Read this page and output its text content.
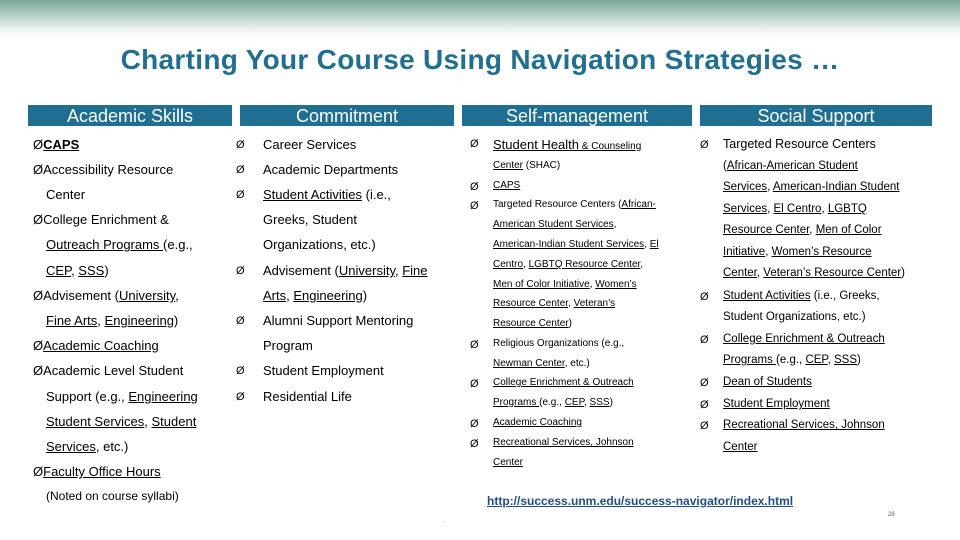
Charting Your Course Using Navigation Strategies …
Academic Skills	Commitment	Self-management	Social Support
ØCAPS
ØAccessibility Resource
Center
ØCollege Enrichment &
Outreach Programs (e.g.,
CEP, SSS)
ØAdvisement (University,
Fine Arts, Engineering)
ØAcademic Coaching
ØAcademic Level Student
Support (e.g., Engineering
Student Services, Student
Services, etc.)
ØFaculty Office Hours
(Noted on course syllabi)
Ø Career Services
Ø Academic Departments
Ø Student Activities (i.e.,
Greeks, Student
Organizations, etc.)
Ø Advisement (University, Fine
Arts, Engineering)
Ø Alumni Support Mentoring
Program
Ø Student Employment
Ø Residential Life
Ø Student Health & Counseling
Center (SHAC)
Ø CAPS
Ø Targeted Resource Centers (African-
American Student Services,
American-Indian Student Services, El
Centro, LGBTQ Resource Center,
Men of Color Initiative, Women’s
Resource Center, Veteran’s
Resource Center)
Ø Religious Organizations (e.g.,
Newman Center, etc.)
Ø College Enrichment & Outreach
Programs (e.g., CEP, SSS)
Ø Academic Coaching
Ø Recreational Services, Johnson
Center
Ø Targeted Resource Centers
(African-American Student
Services, American-Indian Student
Services, El Centro, LGBTQ
Resource Center, Men of Color
Initiative, Women’s Resource
Center, Veteran’s Resource Center)
Ø Student Activities (i.e., Greeks,
Student Organizations, etc.)
Ø College Enrichment & Outreach
Programs (e.g., CEP, SSS)
Ø Dean of Students
Ø Student Employment
Ø Recreational Services, Johnson
Center
http://success.unm.edu/success-navigator/index.html
-
28
